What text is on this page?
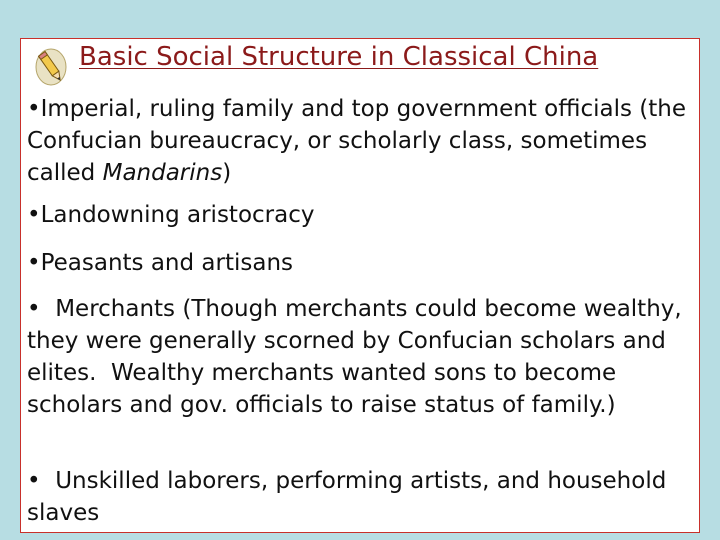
Basic Social Structure in Classical China
•Imperial, ruling family and top government officials (the Confucian bureaucracy, or scholarly class, sometimes called Mandarins)
•Landowning aristocracy
•Peasants and artisans
•  Merchants (Though merchants could become wealthy, they were generally scorned by Confucian scholars and elites.  Wealthy merchants wanted sons to become scholars and gov. officials to raise status of family.)
•  Unskilled laborers, performing artists, and household slaves
